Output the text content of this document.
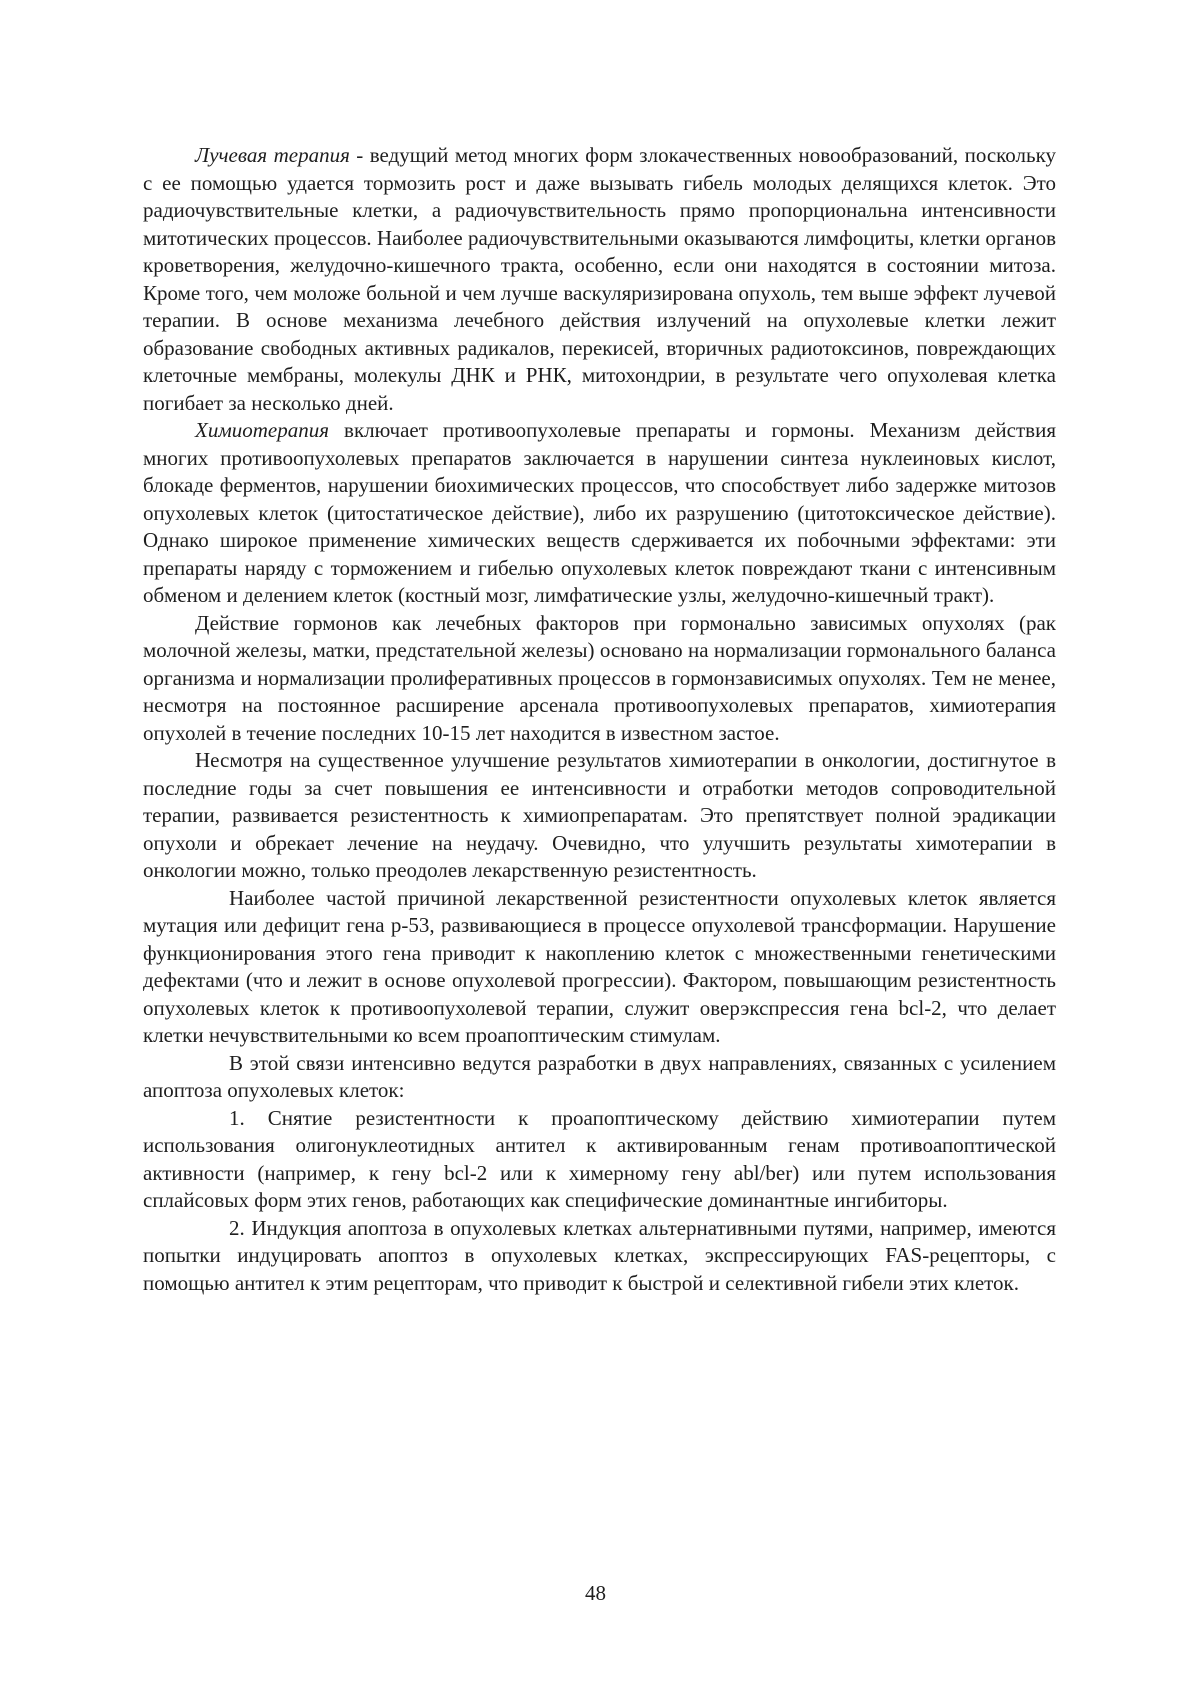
Лучевая терапия - ведущий метод многих форм злокачественных новообразований, поскольку с ее помощью удается тормозить рост и даже вызывать гибель молодых делящихся клеток. Это радиочувствительные клетки, а радиочувствительность прямо пропорциональна интенсивности митотических процессов. Наиболее радиочувствительными оказываются лимфоциты, клетки органов кроветворения, желудочно-кишечного тракта, особенно, если они находятся в состоянии митоза. Кроме того, чем моложе больной и чем лучше васкуляризирована опухоль, тем выше эффект лучевой терапии. В основе механизма лечебного действия излучений на опухолевые клетки лежит образование свободных активных радикалов, перекисей, вторичных радиотоксинов, повреждающих клеточные мембраны, молекулы ДНК и РНК, митохондрии, в результате чего опухолевая клетка погибает за несколько дней.

Химиотерапия включает противоопухолевые препараты и гормоны. Механизм действия многих противоопухолевых препаратов заключается в нарушении синтеза нуклеиновых кислот, блокаде ферментов, нарушении биохимических процессов, что способствует либо задержке митозов опухолевых клеток (цитостатическое действие), либо их разрушению (цитотоксическое действие). Однако широкое применение химических веществ сдерживается их побочными эффектами: эти препараты наряду с торможением и гибелью опухолевых клеток повреждают ткани с интенсивным обменом и делением клеток (костный мозг, лимфатические узлы, желудочно-кишечный тракт).

Действие гормонов как лечебных факторов при гормонально зависимых опухолях (рак молочной железы, матки, предстательной железы) основано на нормализации гормонального баланса организма и нормализации пролиферативных процессов в гормонзависимых опухолях. Тем не менее, несмотря на постоянное расширение арсенала противоопухолевых препаратов, химиотерапия опухолей в течение последних 10-15 лет находится в известном застое.

Несмотря на существенное улучшение результатов химиотерапии в онкологии, достигнутое в последние годы за счет повышения ее интенсивности и отработки методов сопроводительной терапии, развивается резистентность к химиопрепаратам. Это препятствует полной эрадикации опухоли и обрекает лечение на неудачу. Очевидно, что улучшить результаты химотерапии в онкологии можно, только преодолев лекарственную резистентность.

Наиболее частой причиной лекарственной резистентности опухолевых клеток является мутация или дефицит гена р-53, развивающиеся в процессе опухолевой трансформации. Нарушение функционирования этого гена приводит к накоплению клеток с множественными генетическими дефектами (что и лежит в основе опухолевой прогрессии). Фактором, повышающим резистентность опухолевых клеток к противоопухолевой терапии, служит оверэкспрессия гена bcl-2, что делает клетки нечувствительными ко всем проапоптическим стимулам.

В этой связи интенсивно ведутся разработки в двух направлениях, связанных с усилением апоптоза опухолевых клеток:

1. Снятие резистентности к проапоптическому действию химиотерапии путем использования олигонуклеотидных антител к активированным генам противоапоптической активности (например, к гену bcl-2 или к химерному гену abl/ber) или путем использования сплайсовых форм этих генов, работающих как специфические доминантные ингибиторы.

2. Индукция апоптоза в опухолевых клетках альтернативными путями, например, имеются попытки индуцировать апоптоз в опухолевых клетках, экспрессирующих FAS-рецепторы, с помощью антител к этим рецепторам, что приводит к быстрой и селективной гибели этих клеток.

48
